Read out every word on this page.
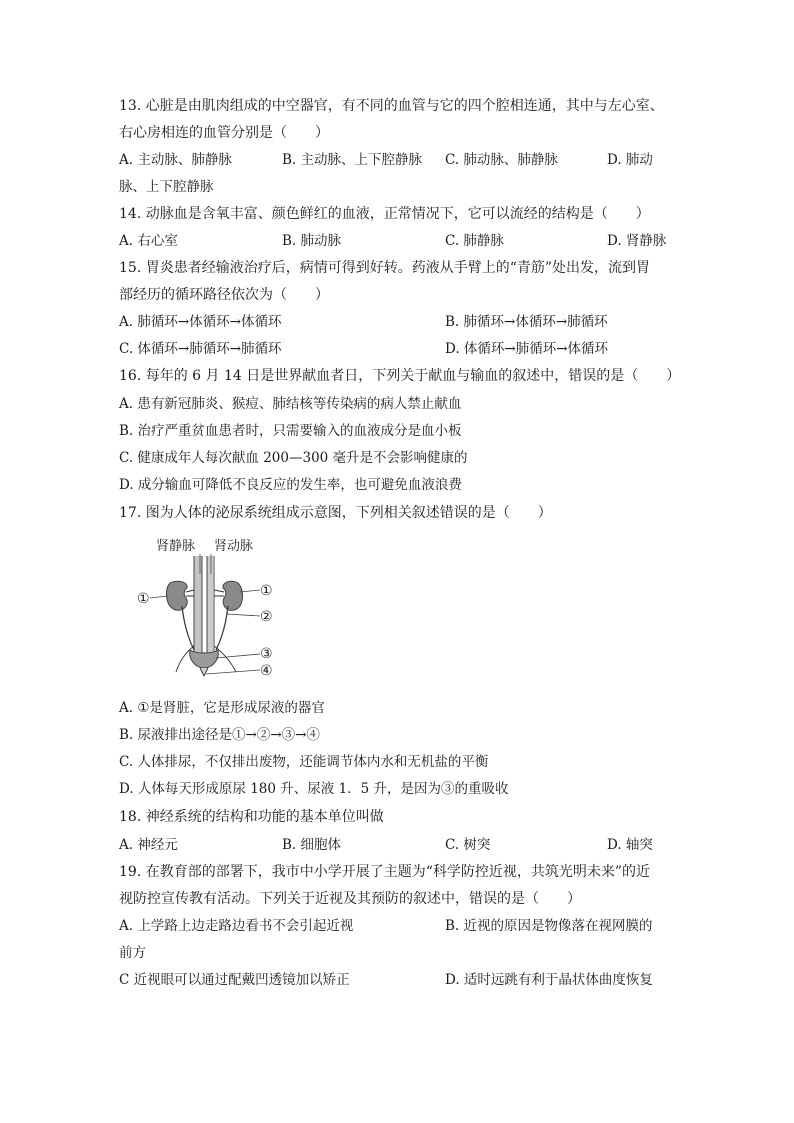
13. 心脏是由肌肉组成的中空器官，有不同的血管与它的四个腔相连通，其中与左心室、
右心房相连的血管分别是（　　）
A. 主动脉、肺静脉	B. 主动脉、上下腔静脉 C. 肺动脉、肺静脉	D. 肺动
脉、上下腔静脉
14. 动脉血是含氧丰富、颜色鲜红的血液，正常情况下，它可以流经的结构是（　　）
A. 右心室	B. 肺动脉	C. 肺静脉	D. 肾静脉
15. 胃炎患者经输液治疗后，病情可得到好转。药液从手臂上的“青筋”处出发，流到胃
部经历的循环路径依次为（　　）
A. 肺循环→体循环→体循环	B. 肺循环→体循环→肺循环
C. 体循环→肺循环→肺循环	D. 体循环→肺循环→体循环
16. 每年的 6 月 14 日是世界献血者日，下列关于献血与输血的叙述中，错误的是（　　）
A. 患有新冠肺炎、猴痘、肺结核等传染病的病人禁止献血
B. 治疗严重贫血患者时，只需要输入的血液成分是血小板
C. 健康成年人每次献血 200—300 毫升是不会影响健康的
D. 成分输血可降低不良反应的发生率，也可避免血液浪费
17. 图为人体的泌尿系统组成示意图，下列相关叙述错误的是（　　）
肾静脉 肾动脉
①	①
②
③
④
A. ①是肾脏，它是形成尿液的器官
B. 尿液排出途径是①→②→③→④
C. 人体排尿，不仅排出废物，还能调节体内水和无机盐的平衡
D. 人体每天形成原尿 180 升、尿液 1．5 升，是因为③的重吸收
18. 神经系统的结构和功能的基本单位叫做
A. 神经元	B. 细胞体	C. 树突	D. 轴突
19. 在教育部的部署下，我市中小学开展了主题为“科学防控近视，共筑光明未来”的近
视防控宣传教有活动。下列关于近视及其预防的叙述中，错误的是（　　）
A. 上学路上边走路边看书不会引起近视	B. 近视的原因是物像落在视网膜的
前方
C 近视眼可以通过配戴凹透镜加以矫正	D. 适时远跳有利于晶状体曲度恢复
